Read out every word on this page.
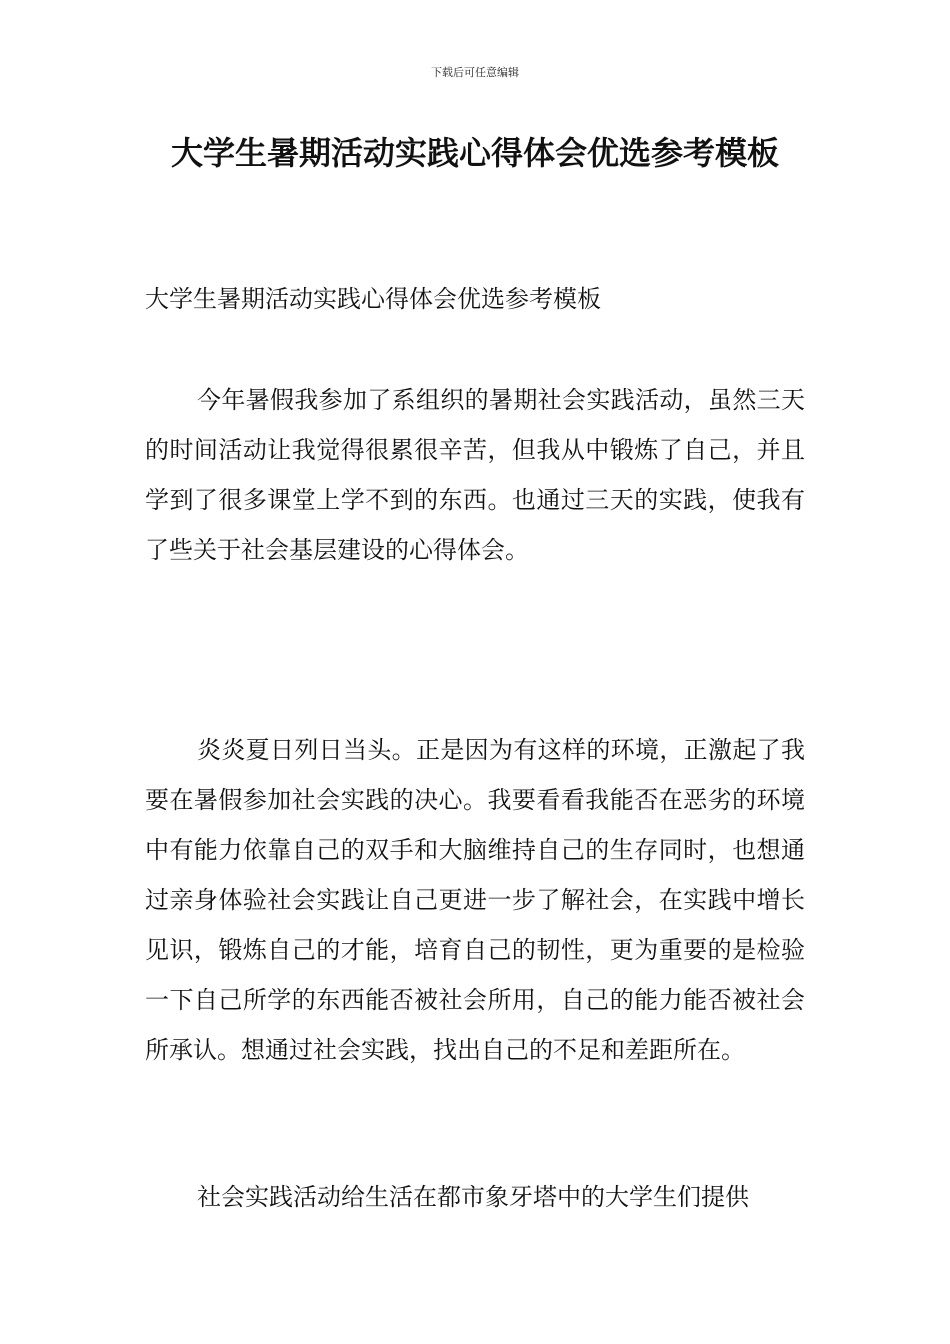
下载后可任意编辑
大学生暑期活动实践心得体会优选参考模板
大学生暑期活动实践心得体会优选参考模板

今年暑假我参加了系组织的暑期社会实践活动，虽然三天的时间活动让我觉得很累很辛苦，但我从中锻炼了自己，并且学到了很多课堂上学不到的东西。也通过三天的实践，使我有了些关于社会基层建设的心得体会。

炎炎夏日列日当头。正是因为有这样的环境，正激起了我要在暑假参加社会实践的决心。我要看看我能否在恶劣的环境中有能力依靠自己的双手和大脑维持自己的生存同时，也想通过亲身体验社会实践让自己更进一步了解社会，在实践中增长见识，锻炼自己的才能，培育自己的韧性，更为重要的是检验一下自己所学的东西能否被社会所用，自己的能力能否被社会所承认。想通过社会实践，找出自己的不足和差距所在。

社会实践活动给生活在都市象牙塔中的大学生们提供
